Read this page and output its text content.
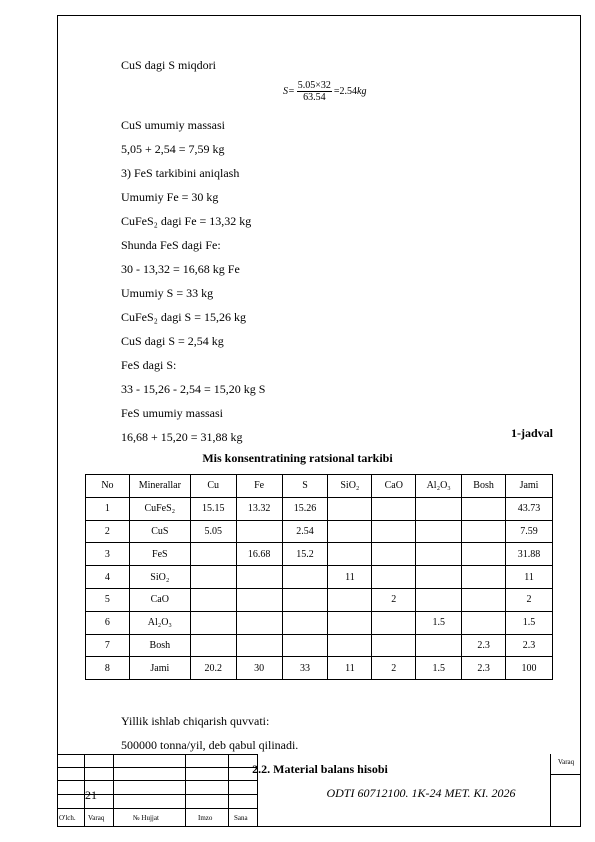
CuS dagi S miqdori
$S= \frac{5.05\times 32}{63.54} =2.54$ kg
CuS umumiy massasi
5,05 + 2,54 = 7,59 kg
3) FeS tarkibini aniqlash
Umumiy Fe = 30 kg
CuFeS₂ dagi Fe = 13,32 kg
Shunda FeS dagi Fe:
30 - 13,32 = 16,68 kg Fe
Umumiy S = 33 kg
CuFeS₂ dagi S = 15,26 kg
CuS dagi S = 2,54 kg
FeS dagi S:
33 - 15,26 - 2,54 = 15,20 kg S
FeS umumiy massasi
16,68 + 15,20 = 31,88 kg	1-jadval
Mis konsentratining ratsional tarkibi
No	Minerallar	Cu	Fe	S	SiO₂	CaO	Al₂O₃	Bosh	Jami
1	CuFeS₂	15.15	13.32	15.26					43.73
2	CuS	5.05		2.54					7.59
3	FeS		16.68	15.2					31.88
4	SiO₂				11				11
5	CaO					2			2
6	Al₂O₃						1.5		1.5
7	Bosh							2.3	2.3
8	Jami	20.2	30	33	11	2	1.5	2.3	100
Yillik ishlab chiqarish quvvati:
500000 tonna/yil, deb qabul qilinadi.
2.2. Material balans hisobi
21	ODTI 60712100. 1K-24 MET. KI. 2026
Varaq
O'lch. Varaq	№ Hujjat	Imzo	Sana
